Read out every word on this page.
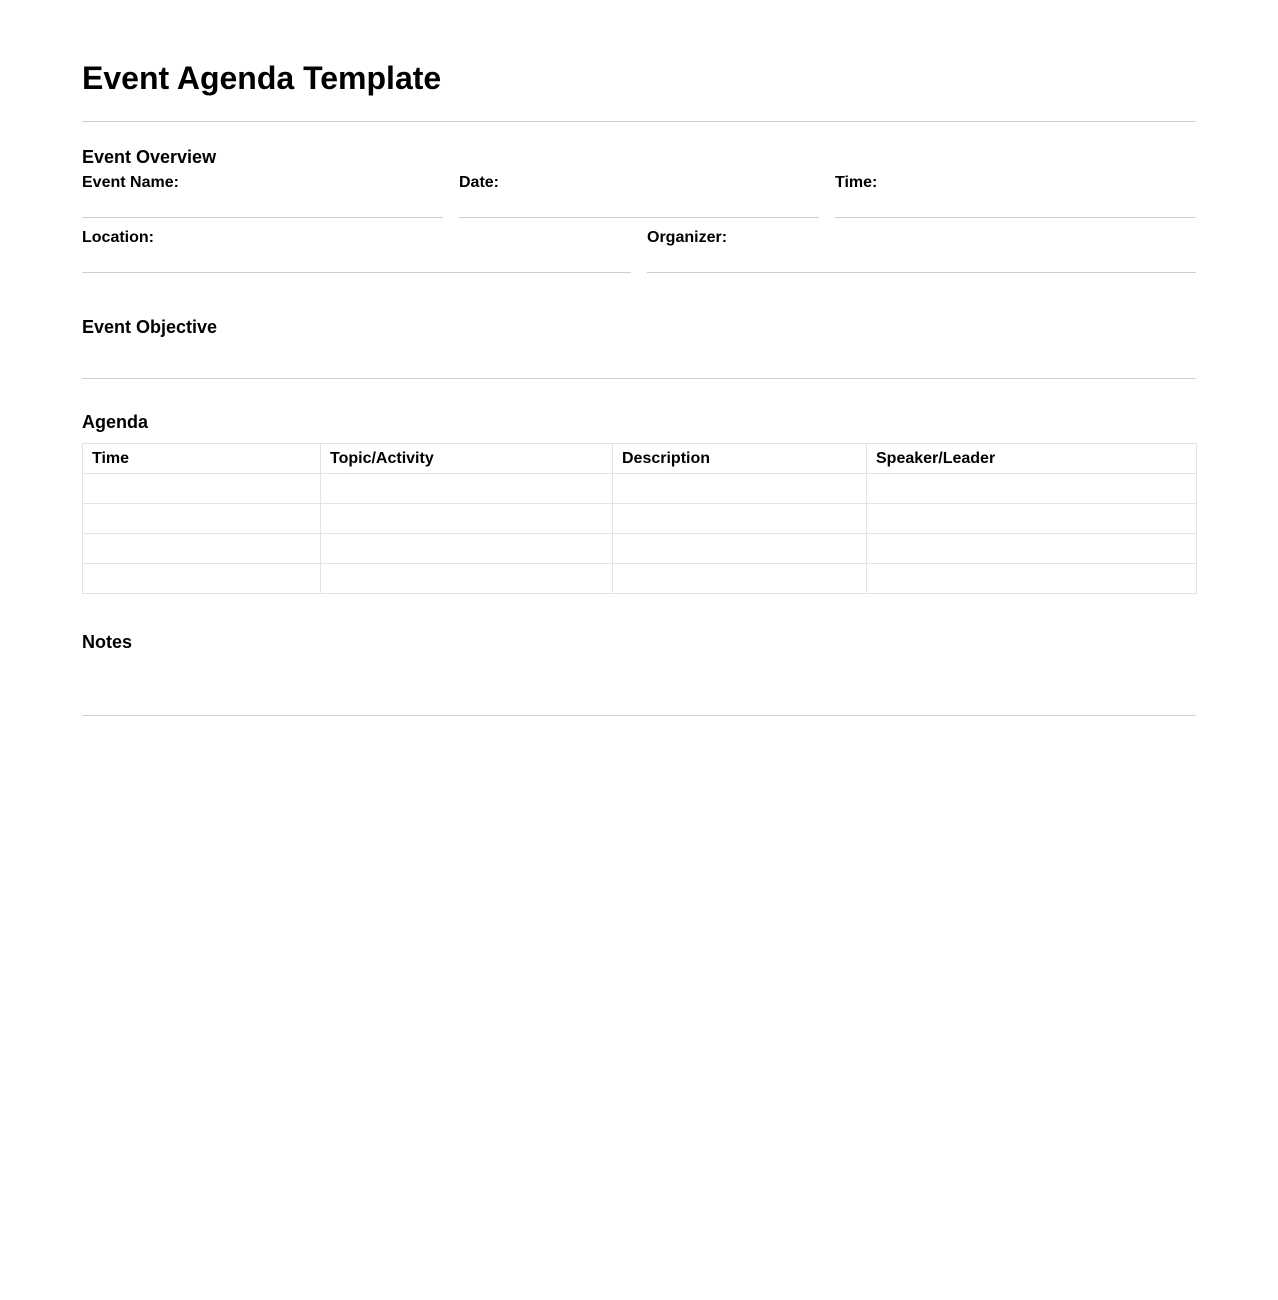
Event Agenda Template
Event Overview
Event Name:	Date:	Time:
Location:	Organizer:
Event Objective
Agenda
Time	Topic/Activity	Description	Speaker/Leader

Notes
